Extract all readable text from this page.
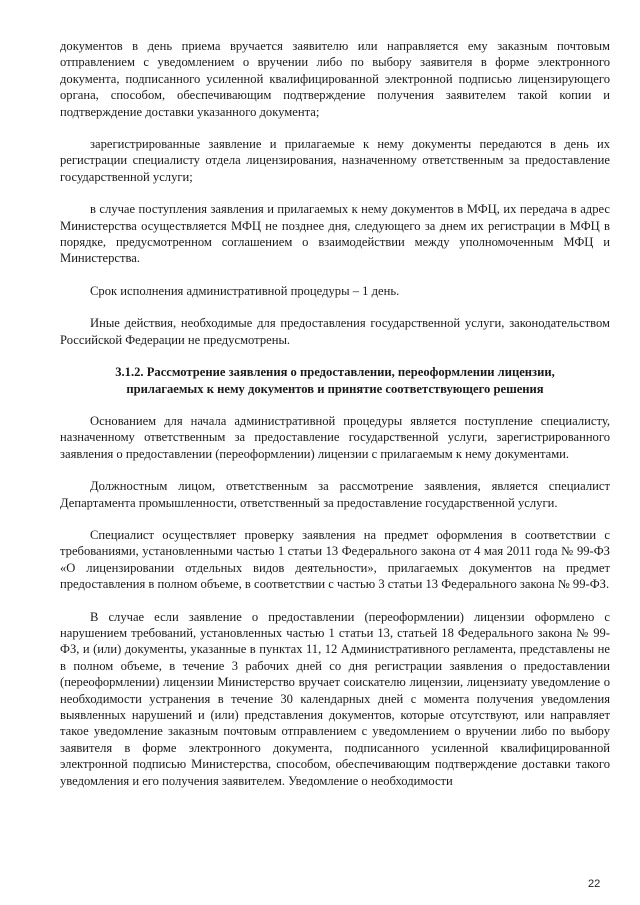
документов в день приема вручается заявителю или направляется ему заказным почтовым отправлением с уведомлением о вручении либо по выбору заявителя в форме электронного документа, подписанного усиленной квалифицированной электронной подписью лицензирующего органа, способом, обеспечивающим подтверждение получения заявителем такой копии и подтверждение доставки указанного документа;

зарегистрированные заявление и прилагаемые к нему документы передаются в день их регистрации специалисту отдела лицензирования, назначенному ответственным за предоставление государственной услуги;

в случае поступления заявления и прилагаемых к нему документов в МФЦ, их передача в адрес Министерства осуществляется МФЦ не позднее дня, следующего за днем их регистрации в МФЦ в порядке, предусмотренном соглашением о взаимодействии между уполномоченным МФЦ и Министерства.

Срок исполнения административной процедуры – 1 день.

Иные действия, необходимые для предоставления государственной услуги, законодательством Российской Федерации не предусмотрены.

3.1.2. Рассмотрение заявления о предоставлении, переоформлении лицензии, прилагаемых к нему документов и принятие соответствующего решения

Основанием для начала административной процедуры является поступление специалисту, назначенному ответственным за предоставление государственной услуги, зарегистрированного заявления о предоставлении (переоформлении) лицензии с прилагаемым к нему документами.

Должностным лицом, ответственным за рассмотрение заявления, является специалист Департамента промышленности, ответственный за предоставление государственной услуги.

Специалист осуществляет проверку заявления на предмет оформления в соответствии с требованиями, установленными частью 1 статьи 13 Федерального закона от 4 мая 2011 года № 99-ФЗ «О лицензировании отдельных видов деятельности», прилагаемых документов на предмет предоставления в полном объеме, в соответствии с частью 3 статьи 13 Федерального закона № 99-ФЗ.

В случае если заявление о предоставлении (переоформлении) лицензии оформлено с нарушением требований, установленных частью 1 статьи 13, статьей 18 Федерального закона № 99-ФЗ, и (или) документы, указанные в пунктах 11, 12 Административного регламента, представлены не в полном объеме, в течение 3 рабочих дней со дня регистрации заявления о предоставлении (переоформлении) лицензии Министерство вручает соискателю лицензии, лицензиату уведомление о необходимости устранения в течение 30 календарных дней с момента получения уведомления выявленных нарушений и (или) представления документов, которые отсутствуют, или направляет такое уведомление заказным почтовым отправлением с уведомлением о вручении либо по выбору заявителя в форме электронного документа, подписанного усиленной квалифицированной электронной подписью Министерства, способом, обеспечивающим подтверждение доставки такого уведомления и его получения заявителем. Уведомление о необходимости

22
